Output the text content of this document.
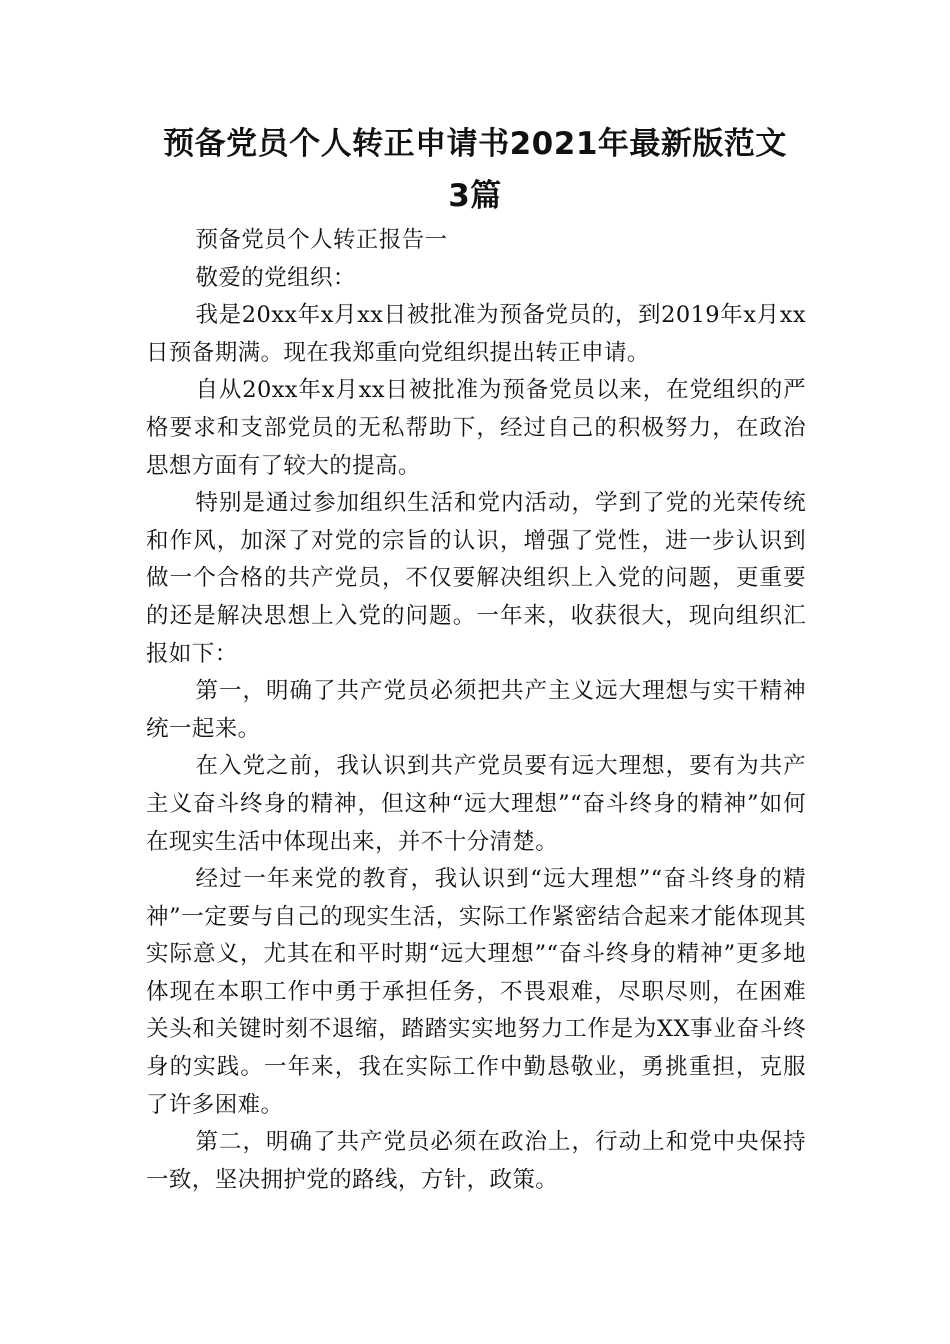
预备党员个人转正申请书2021年最新版范文
3篇

预备党员个人转正报告一

敬爱的党组织：

我是20xx年x月xx日被批准为预备党员的，到2019年x月xx日预备期满。现在我郑重向党组织提出转正申请。

自从20xx年x月xx日被批准为预备党员以来，在党组织的严格要求和支部党员的无私帮助下，经过自己的积极努力，在政治思想方面有了较大的提高。

特别是通过参加组织生活和党内活动，学到了党的光荣传统和作风，加深了对党的宗旨的认识，增强了党性，进一步认识到做一个合格的共产党员，不仅要解决组织上入党的问题，更重要的还是解决思想上入党的问题。一年来，收获很大，现向组织汇报如下：

第一，明确了共产党员必须把共产主义远大理想与实干精神统一起来。

在入党之前，我认识到共产党员要有远大理想，要有为共产主义奋斗终身的精神，但这种“远大理想”“奋斗终身的精神”如何在现实生活中体现出来，并不十分清楚。

经过一年来党的教育，我认识到“远大理想”“奋斗终身的精神”一定要与自己的现实生活，实际工作紧密结合起来才能体现其实际意义，尤其在和平时期“远大理想”“奋斗终身的精神”更多地体现在本职工作中勇于承担任务，不畏艰难，尽职尽则，在困难关头和关键时刻不退缩，踏踏实实地努力工作是为XX事业奋斗终身的实践。一年来，我在实际工作中勤恳敬业，勇挑重担，克服了许多困难。

第二，明确了共产党员必须在政治上，行动上和党中央保持一致，坚决拥护党的路线，方针，政策。
